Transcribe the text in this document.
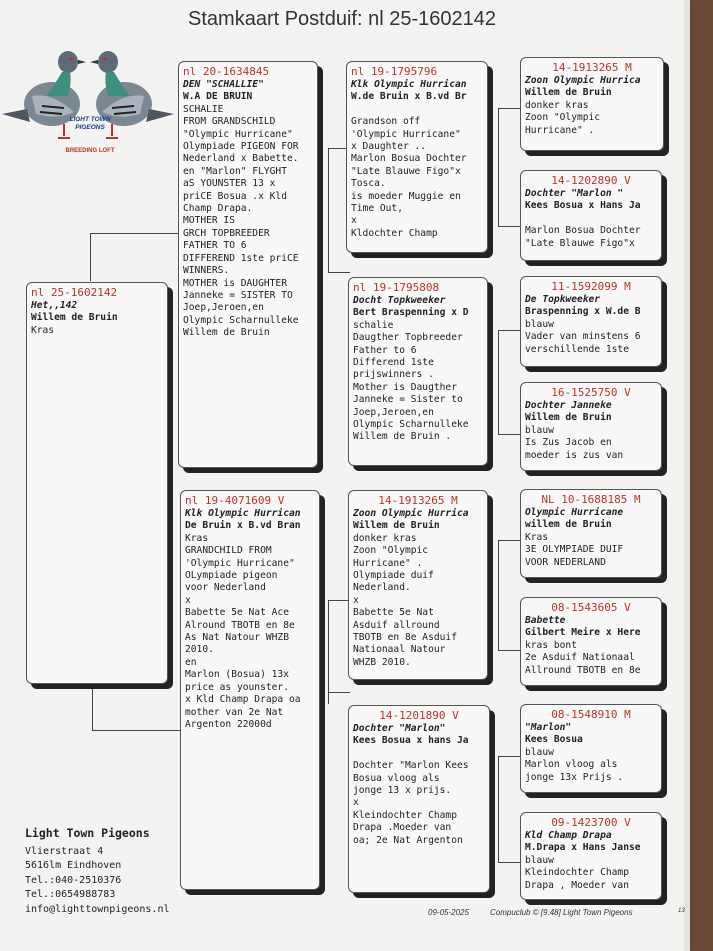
Stamkaart Postduif: nl 25-1602142
LIGHT TOWN
PIGEONS
BREEDING LOFT
nl 25-1602142
Het,,142
Willem de Bruin
Kras
nl 20-1634845
DEN "SCHALLIE"
W.A DE BRUIN
SCHALIE
FROM GRANDSCHILD
"Olympic Hurricane"
Olympiade PIGEON FOR
Nederland x Babette.
en "Marlon" FLYGHT
aS YOUNSTER 13 x
priCE Bosua .x Kld
Champ Drapa.
MOTHER IS
GRCH TOPBREEDER
FATHER TO 6
DIFFEREND 1ste priCE
WINNERS.
MOTHER is DAUGHTER
Janneke = SISTER TO
Joep,Jeroen,en
Olympic Scharnulleke
Willem de Bruin
nl 19-4071609 V
Klk Olympic Hurrican
De Bruin x B.vd Bran
Kras
GRANDCHILD FROM
'Olympic Hurricane"
OLympiade pigeon
voor Nederland
x
Babette 5e Nat Ace
Alround TBOTB en 8e
As Nat Natour WHZB
2010.
en
Marlon (Bosua) 13x
price as younster.
x Kld Champ Drapa oa
mother van 2e Nat
Argenton 22000d
nl 19-1795796
Klk Olympic Hurrican
W.de Bruin x B.vd Br
Grandson off
'Olympic Hurricane"
x Daughter ..
Marlon Bosua Dochter
"Late Blauwe Figo"x
Tosca.
is moeder Muggie en
Time Out,
x
Kldochter Champ
nl 19-1795808
Docht Topkweeker
Bert Braspenning x D
schalie
Daugther Topbreeder
Father to 6
Differend 1ste
prijswinners .
Mother is Daugther
Janneke = Sister to
Joep,Jeroen,en
Olympic Scharnulleke
Willem de Bruin .
14-1913265 M
Zoon Olympic Hurrica
Willem de Bruin
donker kras
Zoon "Olympic
Hurricane" .
Olympiade duif
Nederland.
x
Babette 5e Nat
Asduif allround
TBOTB en 8e Asduif
Nationaal Natour
WHZB 2010.
14-1201890 V
Dochter "Marlon"
Kees Bosua x hans Ja
Dochter "Marlon Kees
Bosua vloog als
jonge 13 x prijs.
x
Kleindochter Champ
Drapa .Moeder van
oa; 2e Nat Argenton
14-1913265 M
Zoon Olympic Hurrica
Willem de Bruin
donker kras
Zoon "Olympic
Hurricane" .
14-1202890 V
Dochter "Marlon "
Kees Bosua x Hans Ja
Marlon Bosua Dochter
"Late Blauwe Figo"x
11-1592099 M
De Topkweeker
Braspenning x W.de B
blauw
Vader van minstens 6
verschillende 1ste
16-1525750 V
Dochter Janneke
Willem de Bruin
blauw
Is Zus Jacob en
moeder is zus van
NL 10-1688185 M
Olympic Hurricane
willem de Bruin
Kras
3E OLYMPIADE DUIF
VOOR NEDERLAND
08-1543605 V
Babette
Gilbert Meire x Here
kras bont
2e Asduif Nationaal
Allround TBOTB en 8e
08-1548910 M
"Marlon"
Kees Bosua
blauw
Marlon vloog als
jonge 13x Prijs .
09-1423700 V
Kld Champ Drapa
M.Drapa x Hans Janse
blauw
Kleindochter Champ
Drapa , Moeder van
Light Town Pigeons
Vlierstraat 4
5616lm Eindhoven
Tel.:040-2510376
Tel.:0654988783
info@lighttownpigeons.nl	09-05-2025	Compuclub © [9.48] Light Town Pigeons	13
